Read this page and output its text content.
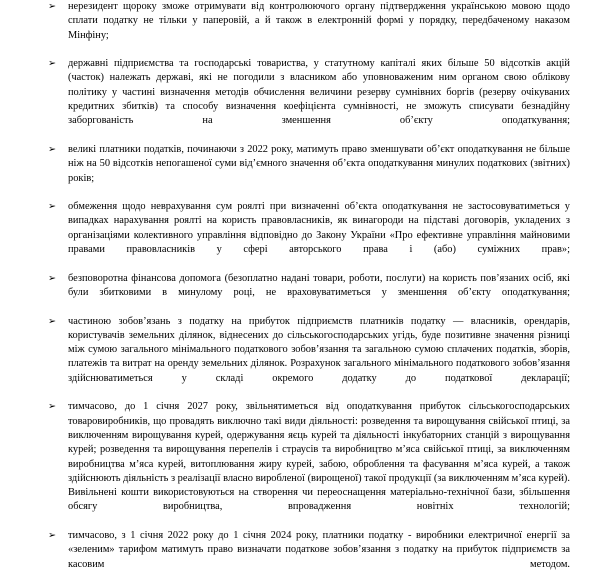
➢	нерезидент щороку зможе отримувати від контролюючого органу підтвердження українською мовою щодо сплати податку не тільки у паперовій, а й також в електронній формі у порядку, передбаченому наказом Мінфіну;
➢	державні підприємства та господарські товариства, у статутному капіталі яких більше 50 відсотків акцій (часток) належать державі, які не погодили з власником або уповноваженим ним органом свою облікову політику у частині визначення методів обчислення величини резерву сумнівних боргів (резерву очікуваних кредитних збитків) та способу визначення коефіцієнта сумнівності, не зможуть списувати безнадійну заборгованість на зменшення об’єкту оподаткування;
➢	великі платники податків, починаючи з 2022 року, матимуть право зменшувати об’єкт оподаткування не більше ніж на 50 відсотків непогашеної суми від’ємного значення об’єкта оподаткування минулих податкових (звітних) років;
➢	обмеження щодо неврахування сум роялті при визначенні об’єкта оподаткування не застосовуватиметься у випадках нарахування роялті на користь правовласників, як винагороди на підставі договорів, укладених з організаціями колективного управління відповідно до Закону України «Про ефективне управління майновими правами правовласників у сфері авторського права і (або) суміжних прав»;
➢	безповоротна фінансова допомога (безоплатно надані товари, роботи, послуги) на користь пов’язаних осіб, які були збитковими в минулому році, не враховуватиметься у зменшення об’єкту оподаткування;
➢	частиною зобов’язань з податку на прибуток підприємств платників податку — власників, орендарів, користувачів земельних ділянок, віднесених до сільськогосподарських угідь, буде позитивне значення різниці між сумою загального мінімального податкового зобов’язання та загальною сумою сплачених податків, зборів, платежів та витрат на оренду земельних ділянок. Розрахунок загального мінімального податкового зобов’язання здійснюватиметься у складі окремого додатку до податкової декларації;
➢	тимчасово, до 1 січня 2027 року, звільнятиметься від оподаткування прибуток сільськогосподарських товаровиробників, що провадять виключно такі види діяльності: розведення та вирощування свійської птиці, за виключенням вирощування курей, одержування яєць курей та діяльності інкубаторних станцій з вирощування курей; розведення та вирощування перепелів і страусів та виробництво м’яса свійської птиці, за виключенням виробництва м’яса курей, витоплювання жиру курей, забою, оброблення та фасування м’яса курей, а також здійснюють діяльність з реалізації власно виробленої (вирощеної) такої продукції (за виключенням м’яса курей). Вивільнені кошти використовуються на створення чи переоснащення матеріально-технічної бази, збільшення обсягу виробництва, впровадження новітніх технологій;
➢	тимчасово, з 1 січня 2022 року до 1 січня 2024 року, платники податку - виробники електричної енергії за «зеленим» тарифом матимуть право визначати податкове зобов’язання з податку на прибуток підприємств за касовим методом.
